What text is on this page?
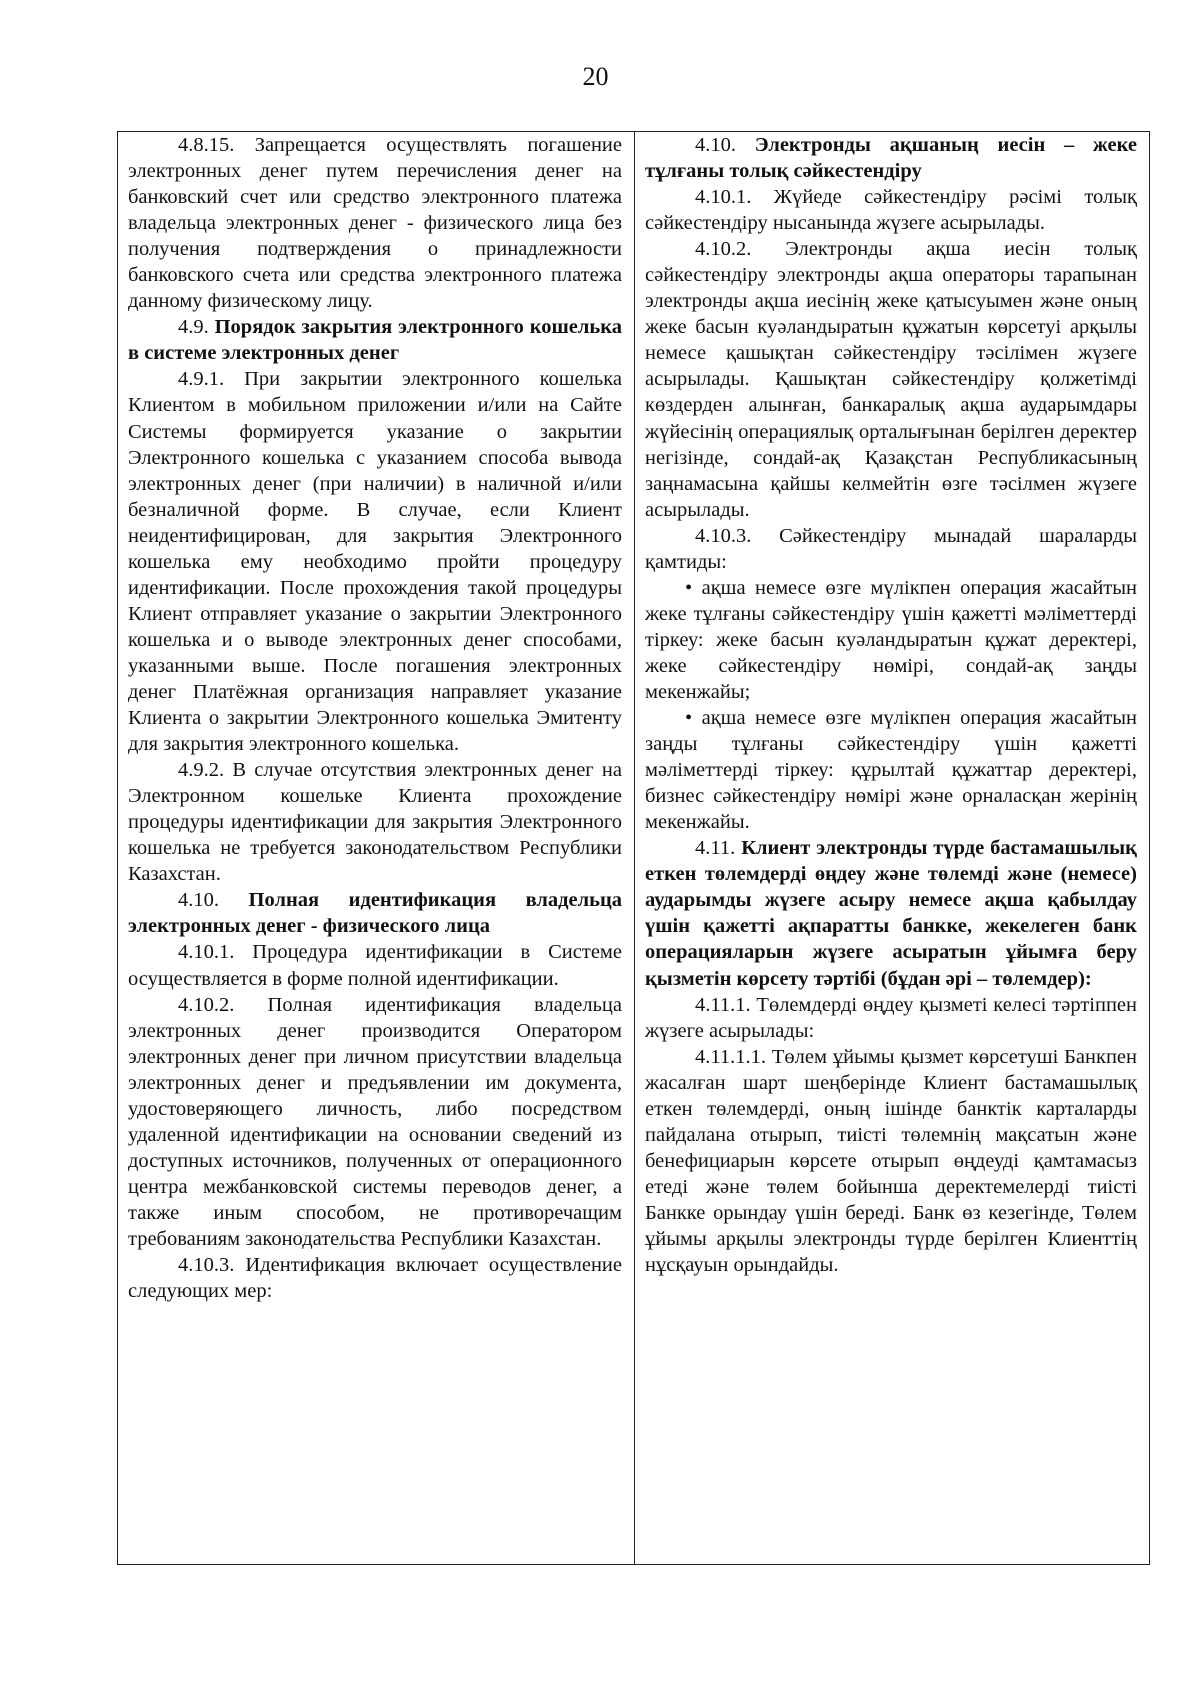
20

4.8.15. Запрещается осуществлять погашение электронных денег путем перечисления денег на банковский счет или средство электронного платежа владельца электронных денег - физического лица без получения подтверждения о принадлежности банковского счета или средства электронного платежа данному физическому лицу.

4.9. Порядок закрытия электронного кошелька в системе электронных денег

4.9.1. При закрытии электронного кошелька Клиентом в мобильном приложении и/или на Сайте Системы формируется указание о закрытии Электронного кошелька с указанием способа вывода электронных денег (при наличии) в наличной и/или безналичной форме. В случае, если Клиент неидентифицирован, для закрытия Электронного кошелька ему необходимо пройти процедуру идентификации. После прохождения такой процедуры Клиент отправляет указание о закрытии Электронного кошелька и о выводе электронных денег способами, указанными выше. После погашения электронных денег Платёжная организация направляет указание Клиента о закрытии Электронного кошелька Эмитенту для закрытия электронного кошелька.

4.9.2. В случае отсутствия электронных денег на Электронном кошельке Клиента прохождение процедуры идентификации для закрытия Электронного кошелька не требуется законодательством Республики Казахстан.

4.10. Полная идентификация владельца электронных денег - физического лица

4.10.1. Процедура идентификации в Системе осуществляется в форме полной идентификации.

4.10.2. Полная идентификация владельца электронных денег производится Оператором электронных денег при личном присутствии владельца электронных денег и предъявлении им документа, удостоверяющего личность, либо посредством удаленной идентификации на основании сведений из доступных источников, полученных от операционного центра межбанковской системы переводов денег, а также иным способом, не противоречащим требованиям законодательства Республики Казахстан.

4.10.3. Идентификация включает осуществление следующих мер:

4.10. Электронды ақшаның иесін – жеке тұлғаны толық сәйкестендіру

4.10.1. Жүйеде сәйкестендіру рәсімі толық сәйкестендіру нысанында жүзеге асырылады.

4.10.2. Электронды ақша иесін толық сәйкестендіру электронды ақша операторы тарапынан электронды ақша иесінің жеке қатысуымен және оның жеке басын куәландыратын құжатын көрсетуі арқылы немесе қашықтан сәйкестендіру тәсілімен жүзеге асырылады. Қашықтан сәйкестендіру қолжетімді көздерден алынған, банкаралық ақша аударымдары жүйесінің операциялық орталығынан берілген деректер негізінде, сондай-ақ Қазақстан Республикасының заңнамасына қайшы келмейтін өзге тәсілмен жүзеге асырылады.

4.10.3. Сәйкестендіру мынадай шараларды қамтиды:

• ақша немесе өзге мүлікпен операция жасайтын жеке тұлғаны сәйкестендіру үшін қажетті мәліметтерді тіркеу: жеке басын куәландыратын құжат деректері, жеке сәйкестендіру нөмірі, сондай-ақ заңды мекенжайы;

• ақша немесе өзге мүлікпен операция жасайтын заңды тұлғаны сәйкестендіру үшін қажетті мәліметтерді тіркеу: құрылтай құжаттар деректері, бизнес сәйкестендіру нөмірі және орналасқан жерінің мекенжайы.

4.11. Клиент электронды түрде бастамашылық еткен төлемдерді өңдеу және төлемді және (немесе) аударымды жүзеге асыру немесе ақша қабылдау үшін қажетті ақпаратты банкке, жекелеген банк операцияларын жүзеге асыратын ұйымға беру қызметін көрсету тәртібі (бұдан әрі – төлемдер):

4.11.1. Төлемдерді өңдеу қызметі келесі тәртіппен жүзеге асырылады:

4.11.1.1. Төлем ұйымы қызмет көрсетуші Банкпен жасалған шарт шеңберінде Клиент бастамашылық еткен төлемдерді, оның ішінде банктік карталарды пайдалана отырып, тиісті төлемнің мақсатын және бенефициарын көрсете отырып өңдеуді қамтамасыз етеді және төлем бойынша деректемелерді тиісті Банкке орындау үшін береді. Банк өз кезегінде, Төлем ұйымы арқылы электронды түрде берілген Клиенттің нұсқауын орындайды.
